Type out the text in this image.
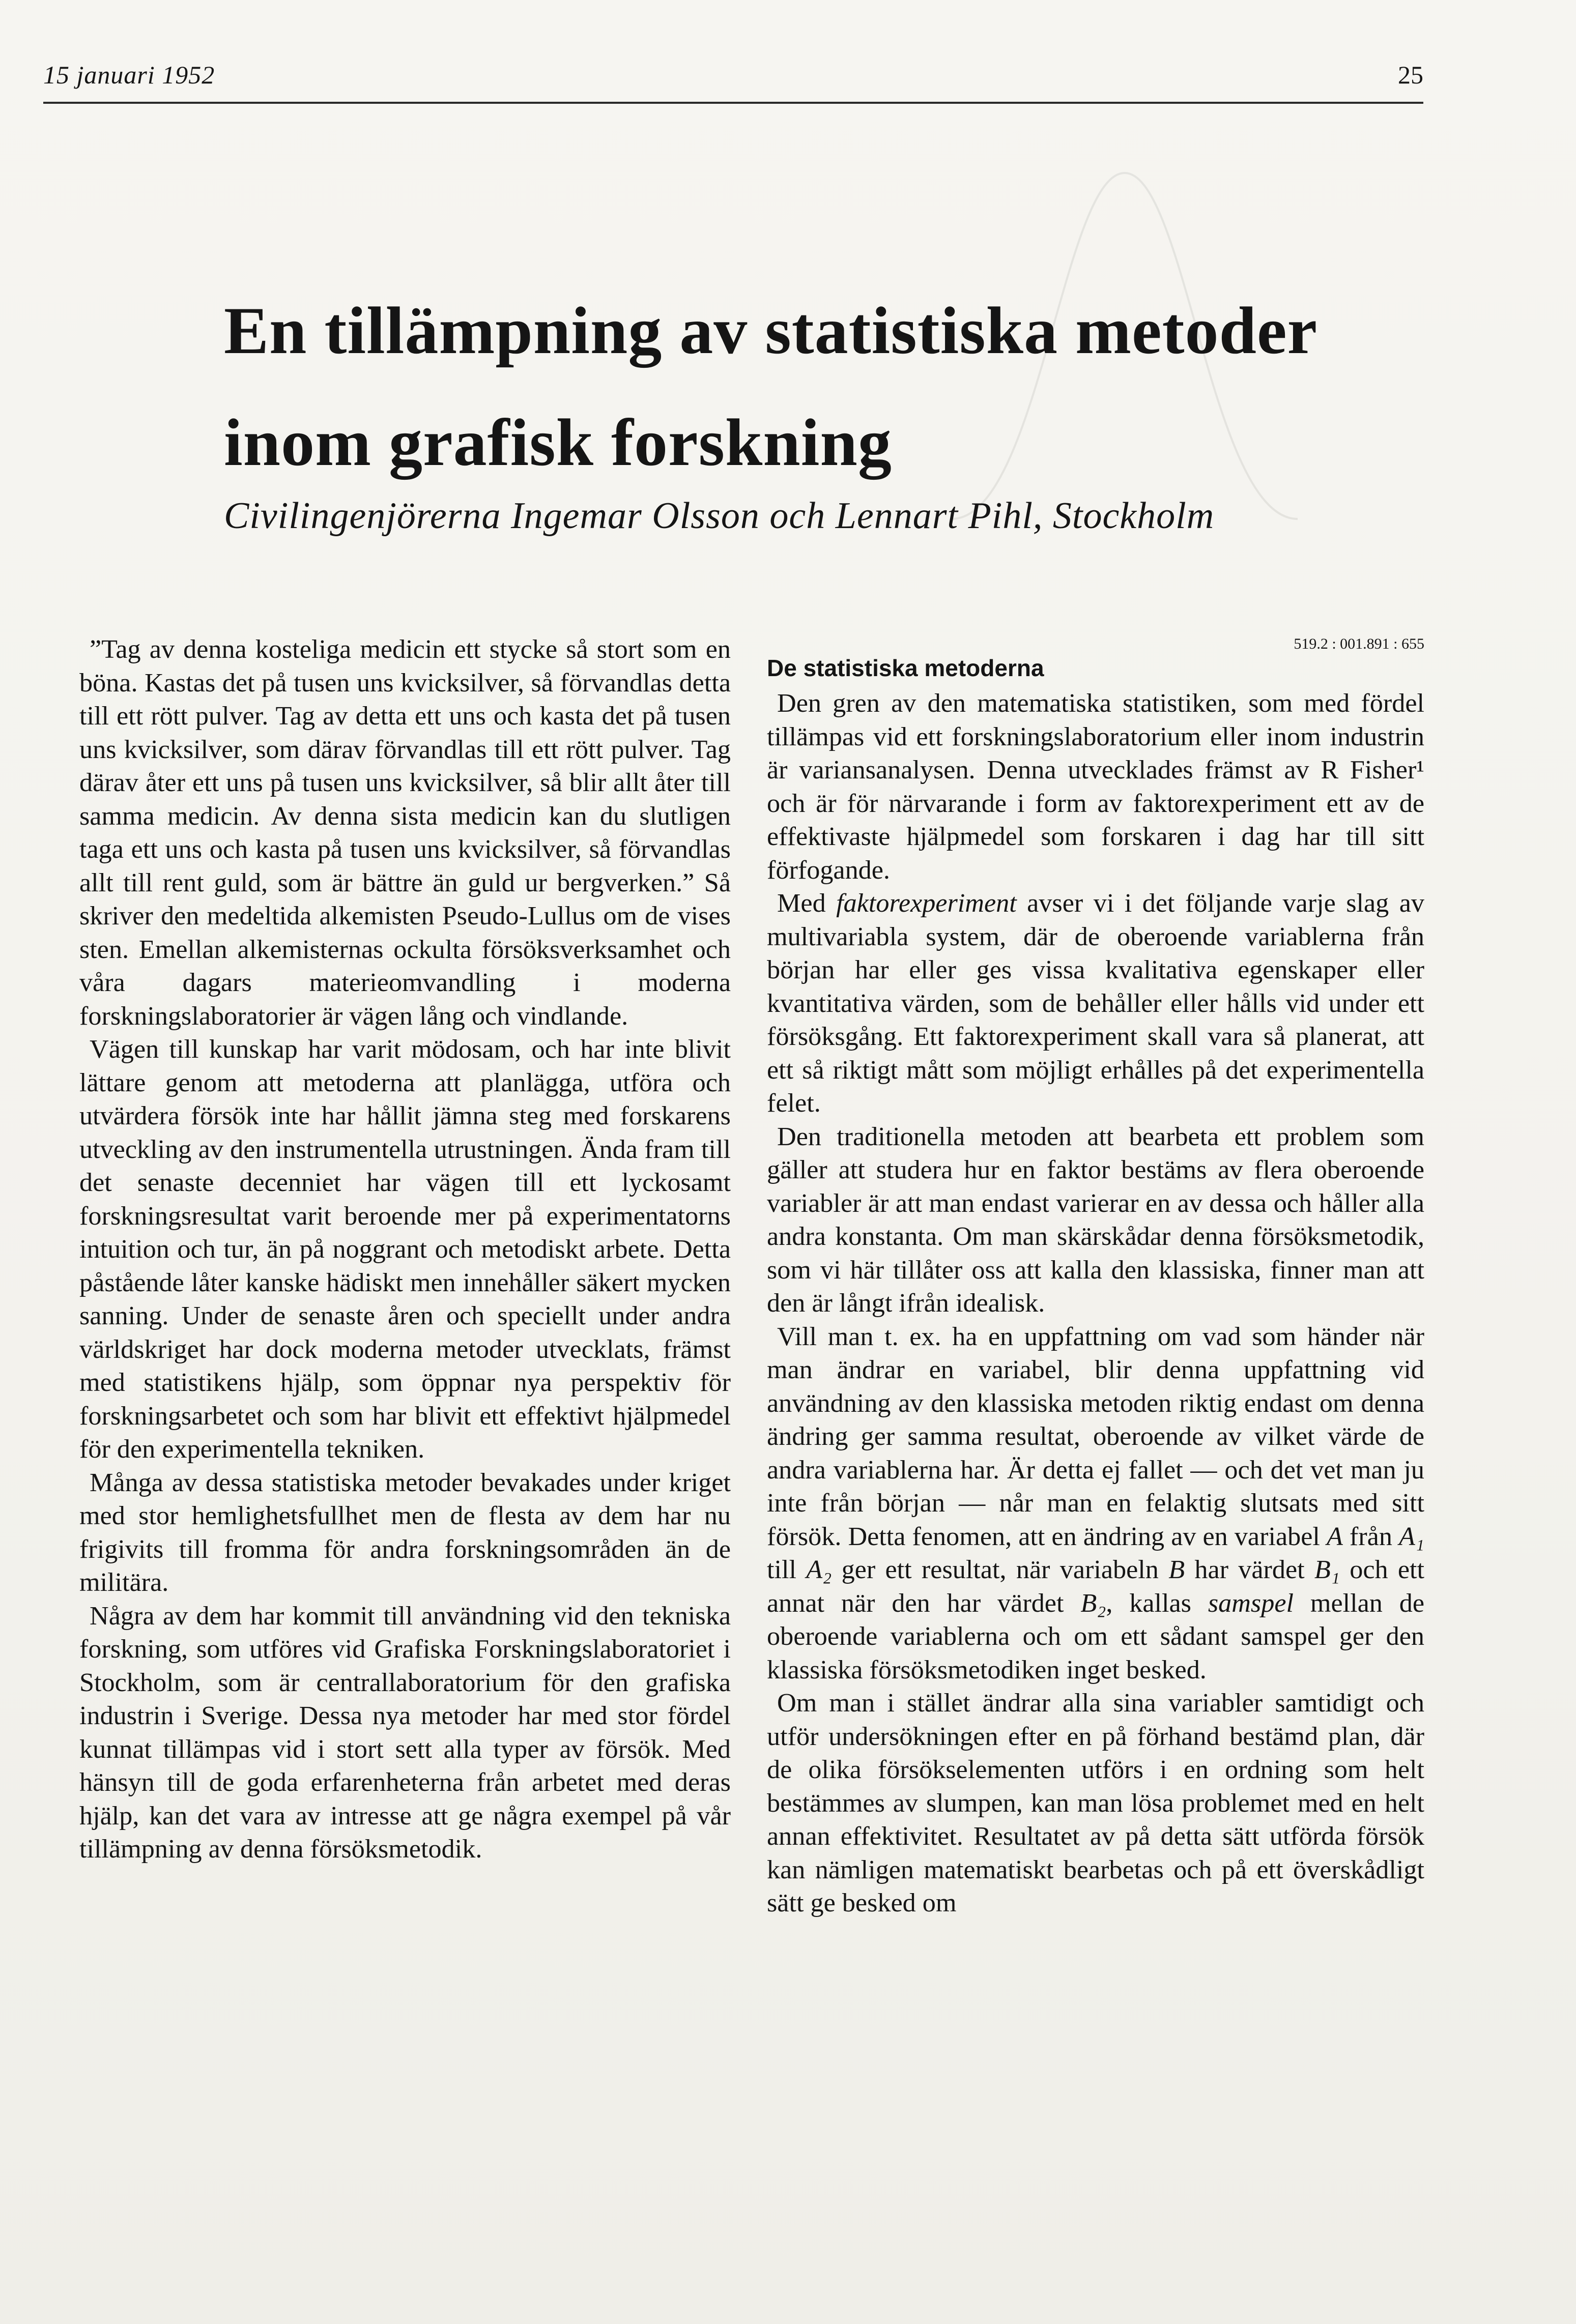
15 januari 1952	25
En tillämpning av statistiska metoder
inom grafisk forskning
Civilingenjörerna Ingemar Olsson och Lennart Pihl, Stockholm

”Tag av denna kosteliga medicin ett stycke så stort som en böna. Kastas det på tusen uns kvicksilver, så förvandlas detta till ett rött pulver. Tag av detta ett uns och kasta det på tusen uns kvicksilver, som därav förvandlas till ett rött pulver. Tag därav åter ett uns på tusen uns kvicksilver, så blir allt åter till samma medicin. Av denna sista medicin kan du slutligen taga ett uns och kasta på tusen uns kvicksilver, så förvandlas allt till rent guld, som är bättre än guld ur bergverken.” Så skriver den medeltida alkemisten Pseudo-Lullus om de vises sten. Emellan alkemisternas ockulta försöksverksamhet och våra dagars materieomvandling i moderna forskningslaboratorier är vägen lång och vindlande.

Vägen till kunskap har varit mödosam, och har inte blivit lättare genom att metoderna att planlägga, utföra och utvärdera försök inte har hållit jämna steg med forskarens utveckling av den instrumentella utrustningen. Ända fram till det senaste decenniet har vägen till ett lyckosamt forskningsresultat varit beroende mer på experimentatorns intuition och tur, än på noggrant och metodiskt arbete. Detta påstående låter kanske hädiskt men innehåller säkert mycken sanning. Under de senaste åren och speciellt under andra världskriget har dock moderna metoder utvecklats, främst med statistikens hjälp, som öppnar nya perspektiv för forskningsarbetet och som har blivit ett effektivt hjälpmedel för den experimentella tekniken.

Många av dessa statistiska metoder bevakades under kriget med stor hemlighetsfullhet men de flesta av dem har nu frigivits till fromma för andra forskningsområden än de militära.

Några av dem har kommit till användning vid den tekniska forskning, som utföres vid Grafiska Forskningslaboratoriet i Stockholm, som är centrallaboratorium för den grafiska industrin i Sverige. Dessa nya metoder har med stor fördel kunnat tillämpas vid i stort sett alla typer av försök. Med hänsyn till de goda erfarenheterna från arbetet med deras hjälp, kan det vara av intresse att ge några exempel på vår tillämpning av denna försöksmetodik.

519.2 : 001.891 : 655
De statistiska metoderna

Den gren av den matematiska statistiken, som med fördel tillämpas vid ett forskningslaboratorium eller inom industrin är variansanalysen. Denna utvecklades främst av R Fisher¹ och är för närvarande i form av faktorexperiment ett av de effektivaste hjälpmedel som forskaren i dag har till sitt förfogande.

Med faktorexperiment avser vi i det följande varje slag av multivariabla system, där de oberoende variablerna från början har eller ges vissa kvalitativa egenskaper eller kvantitativa värden, som de behåller eller hålls vid under ett försöksgång. Ett faktorexperiment skall vara så planerat, att ett så riktigt mått som möjligt erhålles på det experimentella felet.

Den traditionella metoden att bearbeta ett problem som gäller att studera hur en faktor bestäms av flera oberoende variabler är att man endast varierar en av dessa och håller alla andra konstanta. Om man skärskådar denna försöksmetodik, som vi här tillåter oss att kalla den klassiska, finner man att den är långt ifrån idealisk.

Vill man t. ex. ha en uppfattning om vad som händer när man ändrar en variabel, blir denna uppfattning vid användning av den klassiska metoden riktig endast om denna ändring ger samma resultat, oberoende av vilket värde de andra variablerna har. Är detta ej fallet — och det vet man ju inte från början — når man en felaktig slutsats med sitt försök. Detta fenomen, att en ändring av en variabel A från A₁ till A₂ ger ett resultat, när variabeln B har värdet B₁ och ett annat när den har värdet B₂, kallas samspel mellan de oberoende variablerna och om ett sådant samspel ger den klassiska försöksmetodiken inget besked.

Om man i stället ändrar alla sina variabler samtidigt och utför undersökningen efter en på förhand bestämd plan, där de olika försökselementen utförs i en ordning som helt bestämmes av slumpen, kan man lösa problemet med en helt annan effektivitet. Resultatet av på detta sätt utförda försök kan nämligen matematiskt bearbetas och på ett överskådligt sätt ge besked om
